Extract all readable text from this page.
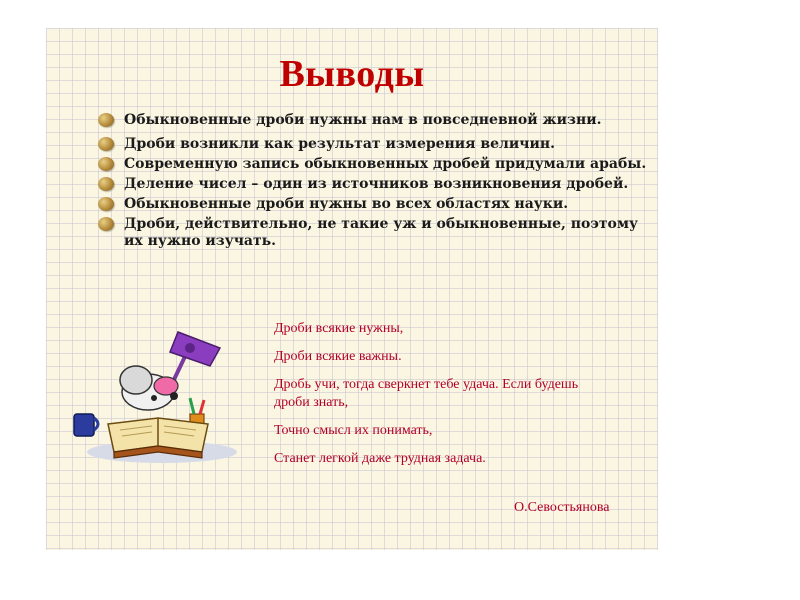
Выводы
Обыкновенные дроби нужны нам в повседневной жизни.
Дроби возникли как результат измерения величин.
Современную запись обыкновенных дробей придумали арабы.
Деление чисел – один из источников возникновения дробей.
Обыкновенные дроби нужны во всех областях науки.
Дроби, действительно, не такие уж и обыкновенные, поэтому их нужно изучать.
Дроби всякие нужны,
Дроби всякие важны.
Дробь учи, тогда сверкнет тебе удача. Если будешь дроби знать,
Точно смысл их понимать,
Станет легкой даже трудная задача.
О.Севостьянова
